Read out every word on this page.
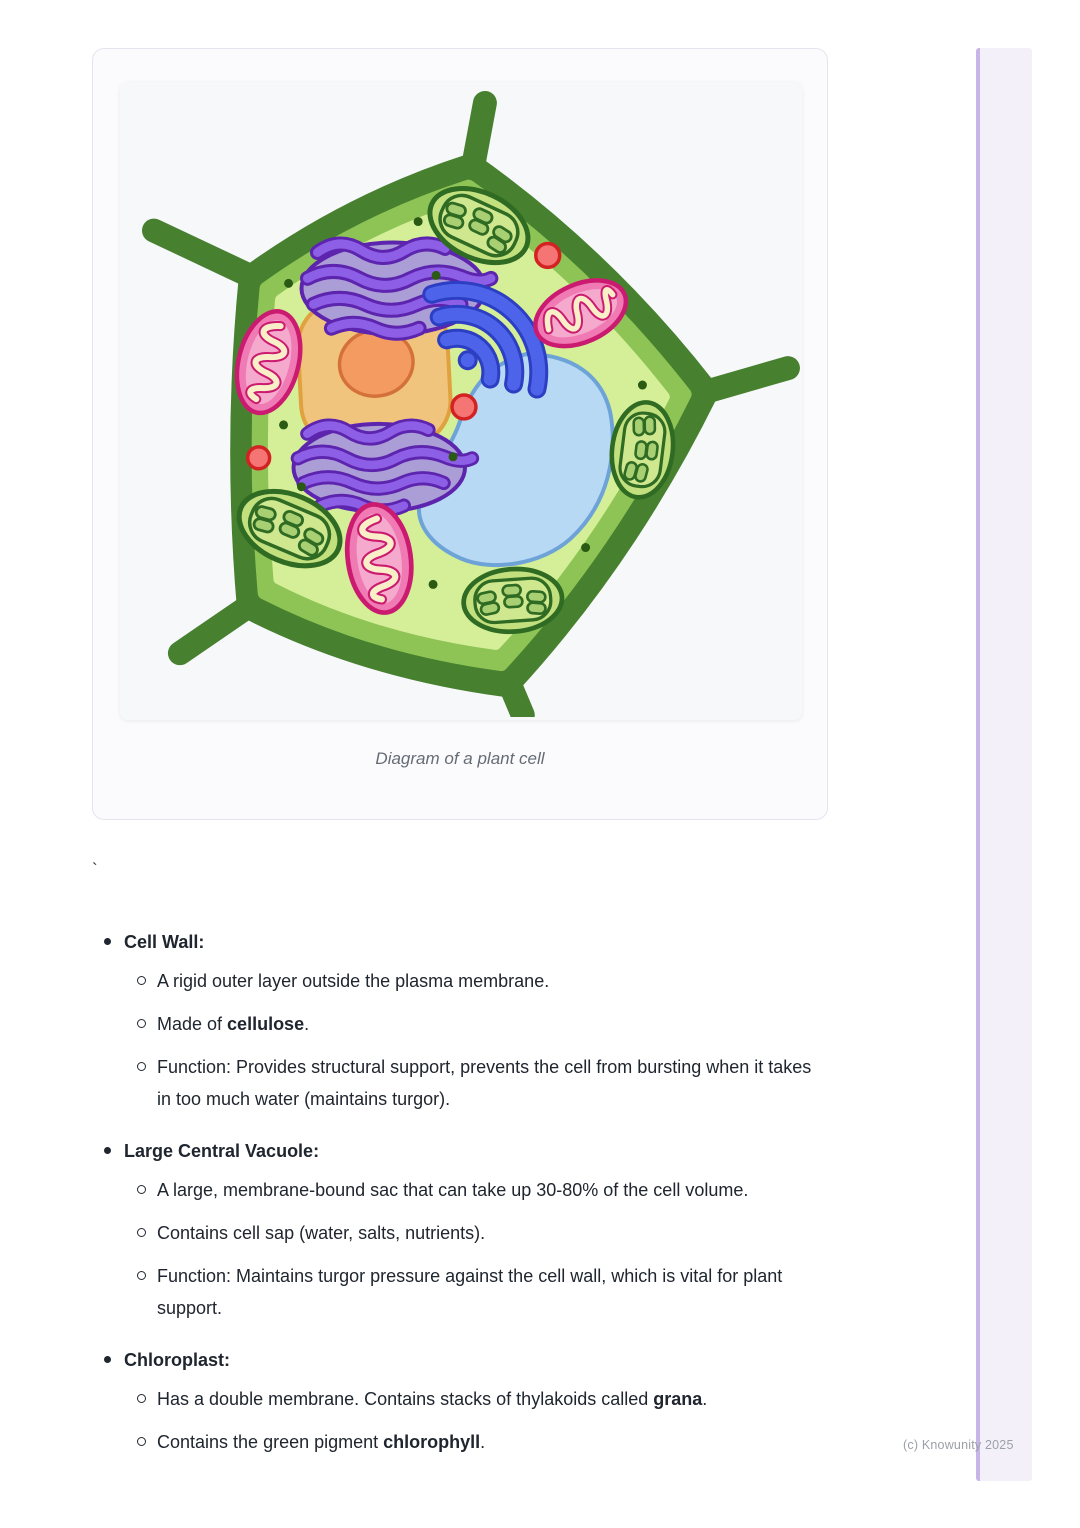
Diagram of a plant cell
`
Cell Wall:
A rigid outer layer outside the plasma membrane.
Made of cellulose.
Function: Provides structural support, prevents the cell from bursting when it takes in too much water (maintains turgor).
Large Central Vacuole:
A large, membrane-bound sac that can take up 30-80% of the cell volume.
Contains cell sap (water, salts, nutrients).
Function: Maintains turgor pressure against the cell wall, which is vital for plant support.
Chloroplast:
Has a double membrane. Contains stacks of thylakoids called grana.
Contains the green pigment chlorophyll.	(c) Knowunity 2025
